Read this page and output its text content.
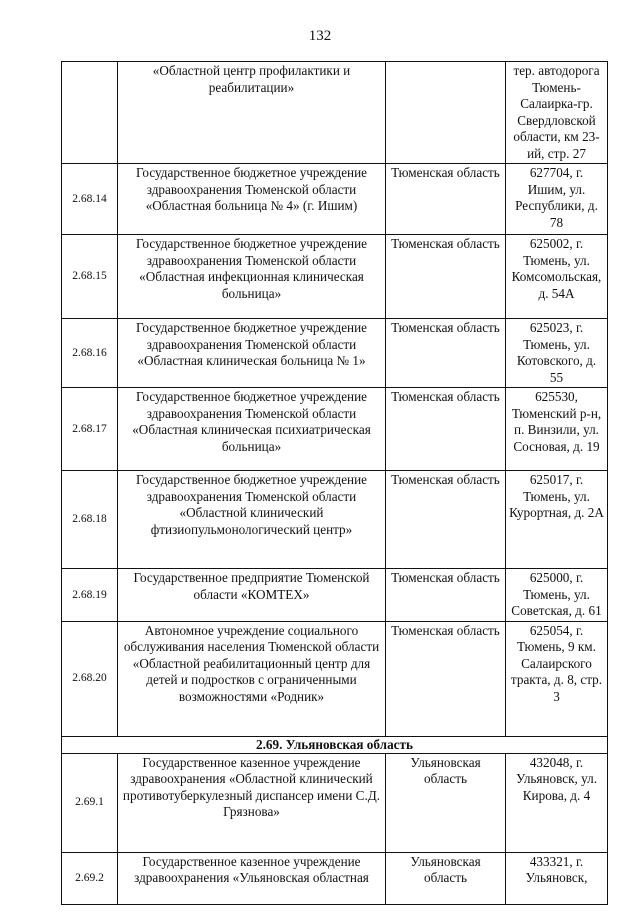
132
	«Областной центр профилактики и реабилитации»		тер. автодорога Тюмень-Салаирка-гр. Свердловской области, км 23-ий, стр. 27
2.68.14	Государственное бюджетное учреждение здравоохранения Тюменской области «Областная больница № 4» (г. Ишим)	Тюменская область	627704, г. Ишим, ул. Республики, д. 78
2.68.15	Государственное бюджетное учреждение здравоохранения Тюменской области «Областная инфекционная клиническая больница»	Тюменская область	625002, г. Тюмень, ул. Комсомольская, д. 54А
2.68.16	Государственное бюджетное учреждение здравоохранения Тюменской области «Областная клиническая больница № 1»	Тюменская область	625023, г. Тюмень, ул. Котовского, д. 55
2.68.17	Государственное бюджетное учреждение здравоохранения Тюменской области «Областная клиническая психиатрическая больница»	Тюменская область	625530, Тюменский р-н, п. Винзили, ул. Сосновая, д. 19
2.68.18	Государственное бюджетное учреждение здравоохранения Тюменской области «Областной клинический фтизиопульмонологический центр»	Тюменская область	625017, г. Тюмень, ул. Курортная, д. 2А
2.68.19	Государственное предприятие Тюменской области «КОМТЕХ»	Тюменская область	625000, г. Тюмень, ул. Советская, д. 61
2.68.20	Автономное учреждение социального обслуживания населения Тюменской области «Областной реабилитационный центр для детей и подростков с ограниченными возможностями «Родник»	Тюменская область	625054, г. Тюмень, 9 км. Салаирского тракта, д. 8, стр. 3
2.69. Ульяновская область			
2.69.1	Государственное казенное учреждение здравоохранения «Областной клинический противотуберкулезный диспансер имени С.Д. Грязнова»	Ульяновская область	432048, г. Ульяновск, ул. Кирова, д. 4
2.69.2	Государственное казенное учреждение здравоохранения «Ульяновская областная	Ульяновская область	433321, г. Ульяновск,
